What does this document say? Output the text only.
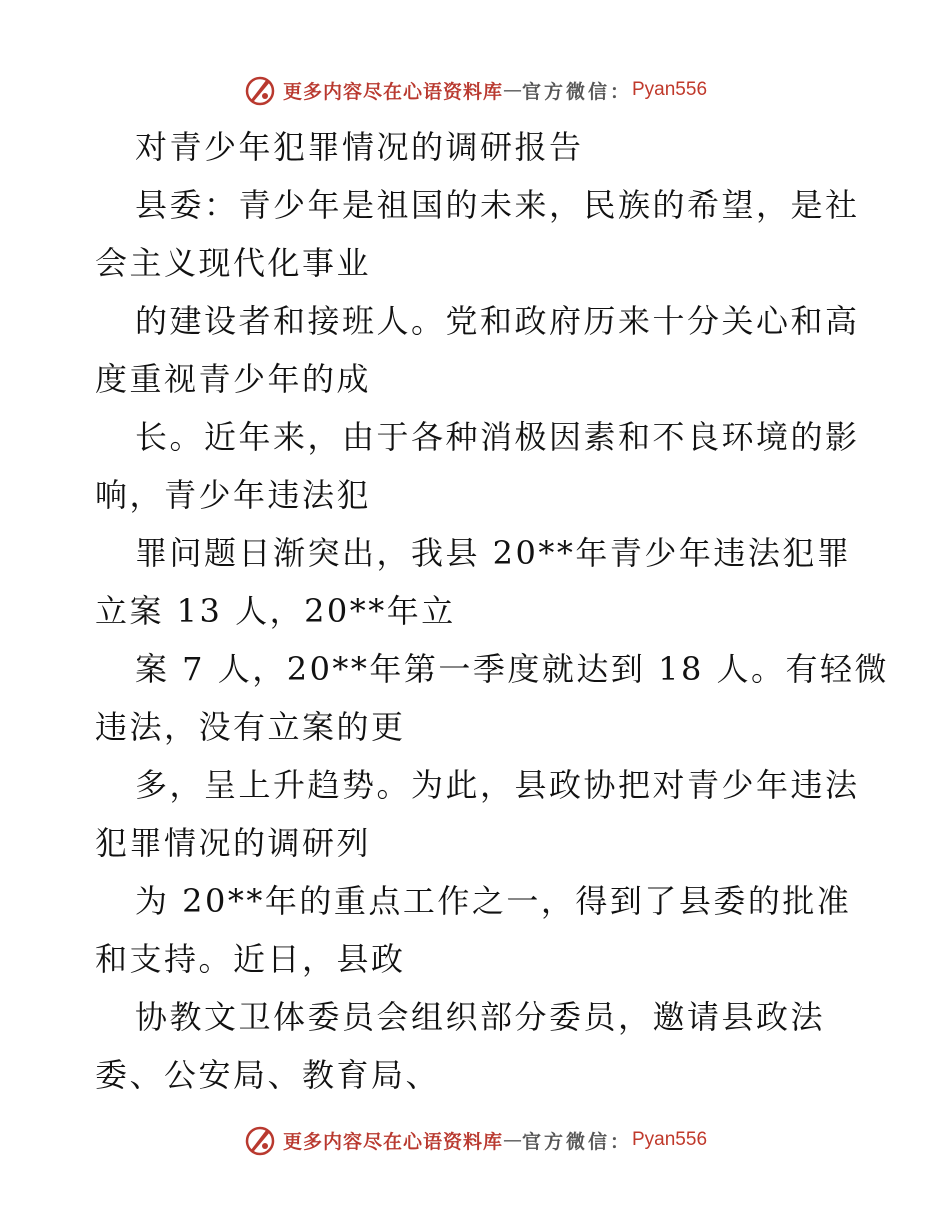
更多内容尽在心语资料库 — 官方微信： Pyan556
对青少年犯罪情况的调研报告
县委：青少年是祖国的未来，民族的希望，是社
会主义现代化事业
的建设者和接班人。党和政府历来十分关心和高
度重视青少年的成
长。近年来，由于各种消极因素和不良环境的影
响，青少年违法犯
罪问题日渐突出，我县 20**年青少年违法犯罪
立案 13 人，20**年立
案 7 人，20**年第一季度就达到 18 人。有轻微
违法，没有立案的更
多，呈上升趋势。为此，县政协把对青少年违法
犯罪情况的调研列
为 20**年的重点工作之一，得到了县委的批准
和支持。近日，县政
协教文卫体委员会组织部分委员，邀请县政法
委、公安局、教育局、
更多内容尽在心语资料库 — 官方微信： Pyan556
